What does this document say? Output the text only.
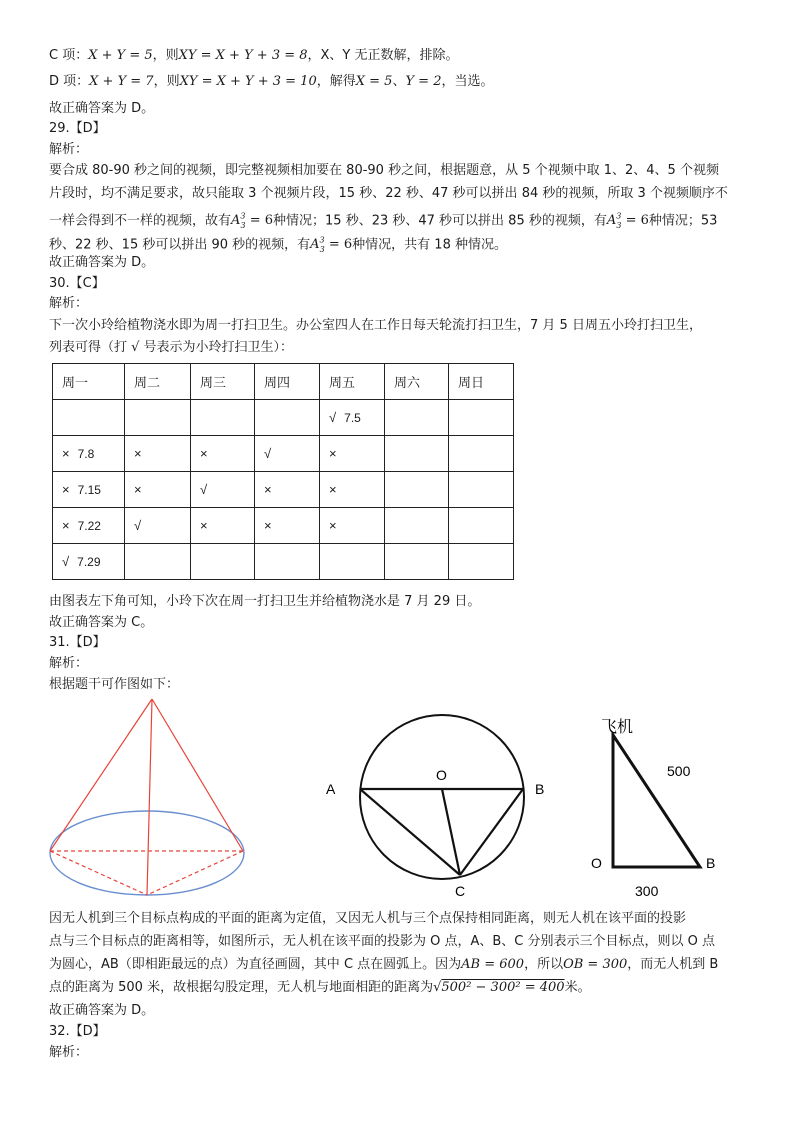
C 项：X + Y = 5，则XY = X + Y + 3 = 8，X、Y 无正数解，排除。
D 项：X + Y = 7，则XY = X + Y + 3 = 10，解得X = 5、Y = 2，当选。
故正确答案为 D。
29.【D】
解析：
要合成 80-90 秒之间的视频，即完整视频相加要在 80-90 秒之间，根据题意，从 5 个视频中取 1、2、4、5 个视频
片段时，均不满足要求，故只能取 3 个视频片段，15 秒、22 秒、47 秒可以拼出 84 秒的视频，所取 3 个视频顺序不
一样会得到不一样的视频，故有$A^3_3 = 6$种情况；15 秒、23 秒、47 秒可以拼出 85 秒的视频，有$A^3_3 = 6$种情况；53
秒、22 秒、15 秒可以拼出 90 秒的视频，有$A^3_3 = 6$种情况，共有 18 种情况。
故正确答案为 D。
30.【C】
解析：
下一次小玲给植物浇水即为周一打扫卫生。办公室四人在工作日每天轮流打扫卫生，7 月 5 日周五小玲打扫卫生，
列表可得（打 √ 号表示为小玲打扫卫生）：
周一	周二	周三	周四	周五	周六	周日
				√ 7.5		
× 7.8	×	×	√	×		
× 7.15	×	√	×	×		
× 7.22	√	×	×	×		
√ 7.29						
由图表左下角可知，小玲下次在周一打扫卫生并给植物浇水是 7 月 29 日。
故正确答案为 C。
31.【D】
解析：
根据题干可作图如下：
A
O
B
C
飞机
500
O	B
300
因无人机到三个目标点构成的平面的距离为定值，又因无人机与三个点保持相同距离，则无人机在该平面的投影
点与三个目标点的距离相等，如图所示，无人机在该平面的投影为 O 点，A、B、C 分别表示三个目标点，则以 O 点
为圆心，AB（即相距最远的点）为直径画圆，其中 C 点在圆弧上。因为AB = 600，所以OB = 300，而无人机到 B
点的距离为 500 米，故根据勾股定理，无人机与地面相距的距离为√500² − 300² = 400米。
故正确答案为 D。
32.【D】
解析：
